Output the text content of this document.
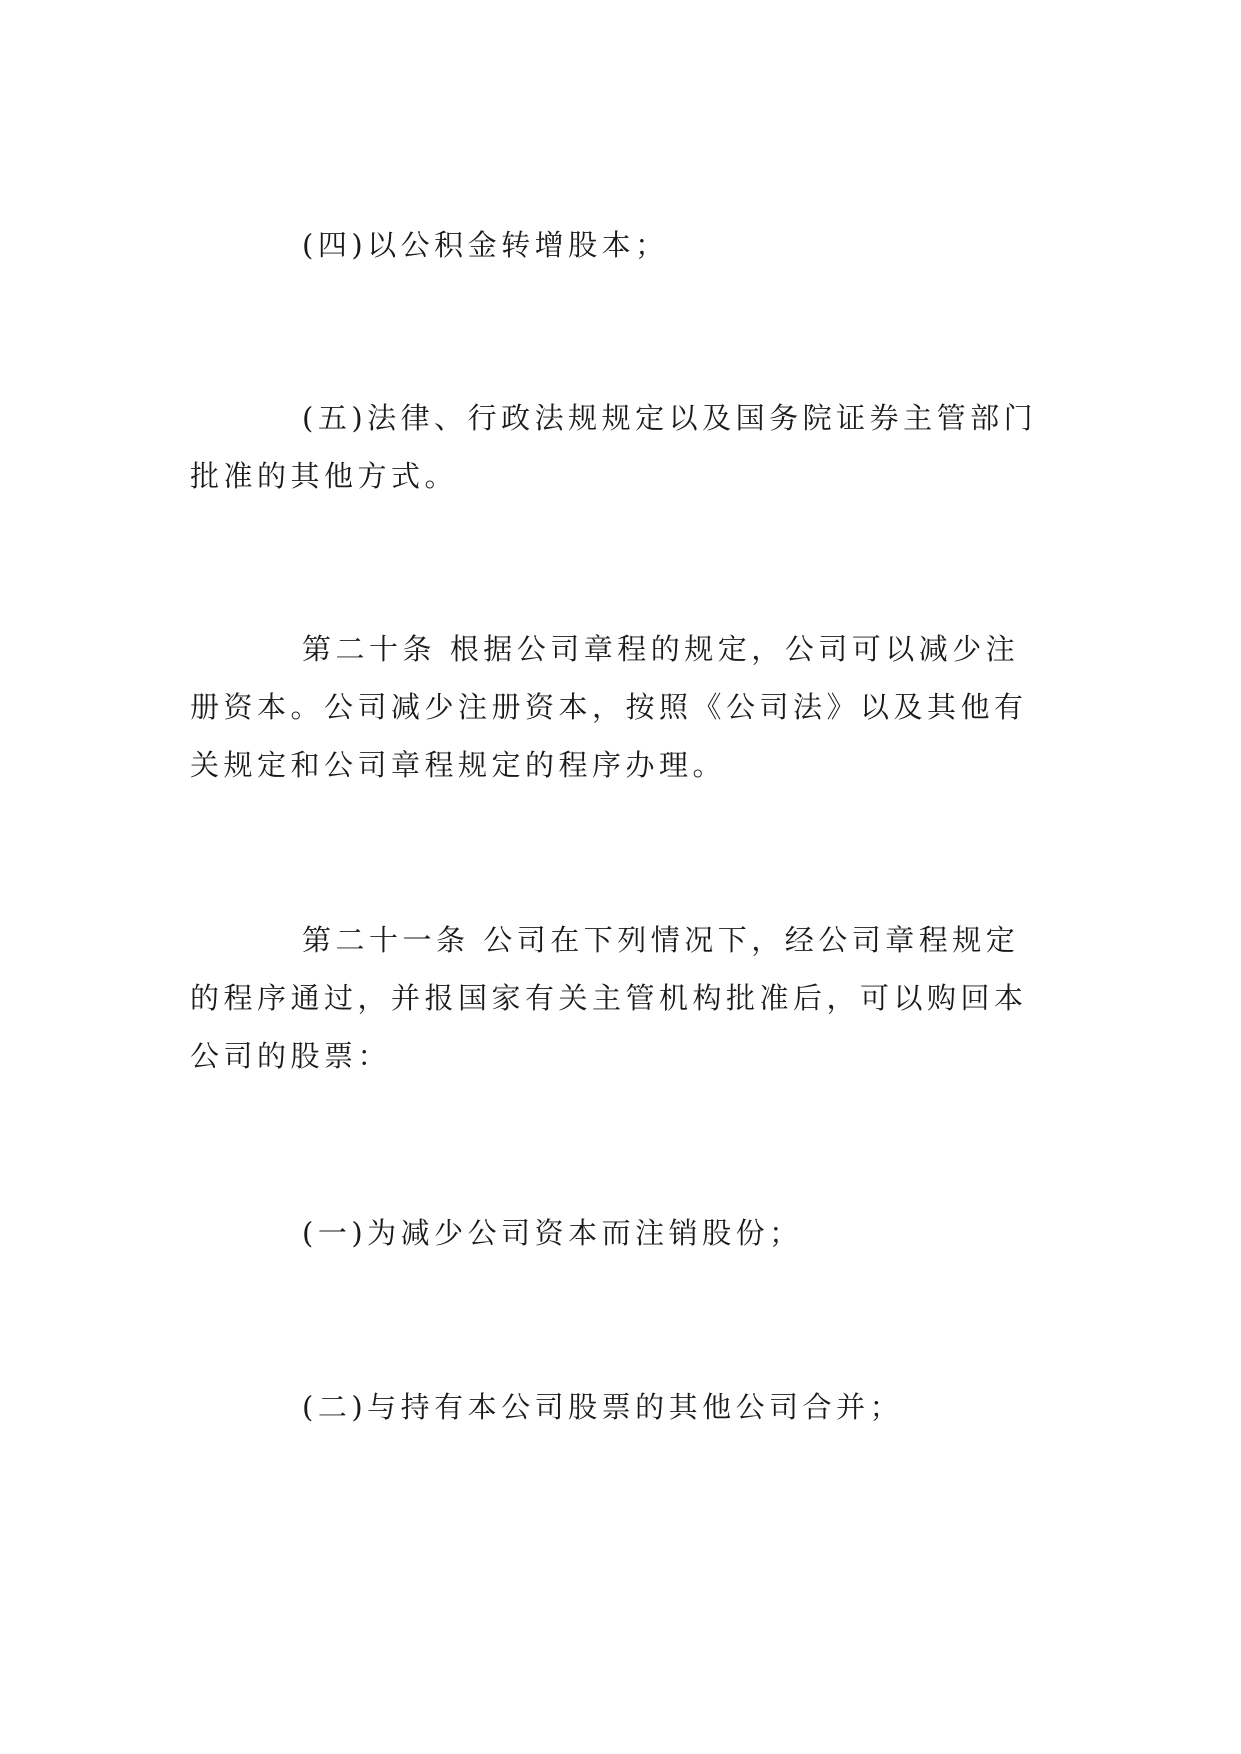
(四)以公积金转增股本；

(五)法律、行政法规规定以及国务院证券主管部门批准的其他方式。

第二十条 根据公司章程的规定，公司可以减少注册资本。公司减少注册资本，按照《公司法》以及其他有关规定和公司章程规定的程序办理。

第二十一条 公司在下列情况下，经公司章程规定的程序通过，并报国家有关主管机构批准后，可以购回本公司的股票：

(一)为减少公司资本而注销股份；

(二)与持有本公司股票的其他公司合并；
